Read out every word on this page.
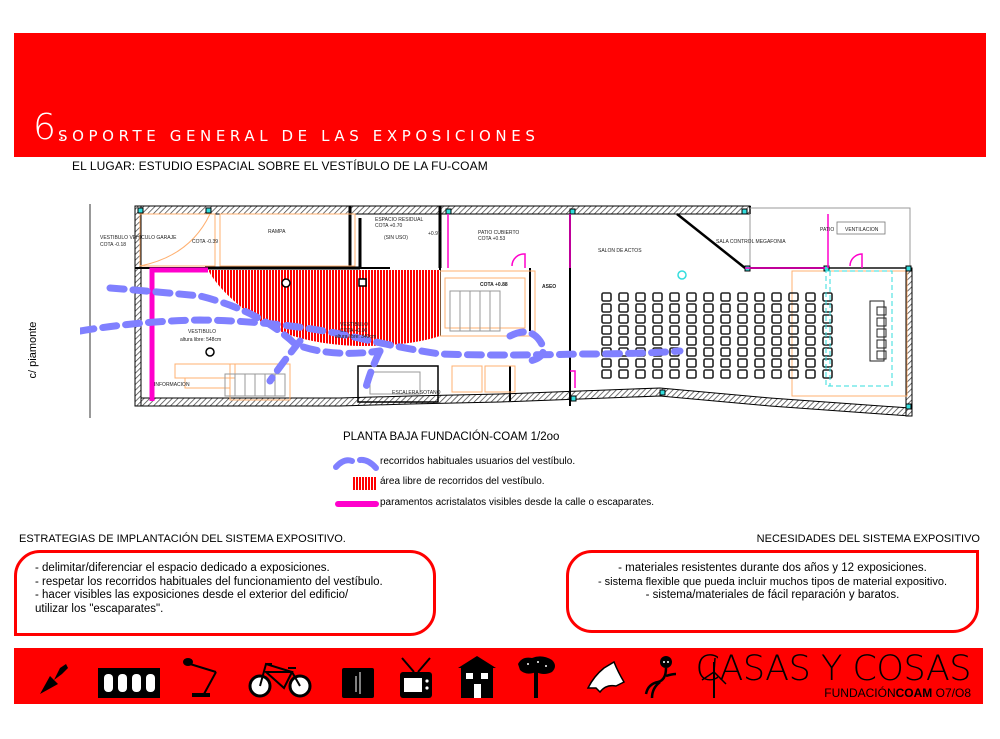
6.
SOPORTE GENERAL DE LAS EXPOSICIONES
EL LUGAR: ESTUDIO ESPACIAL SOBRE EL VESTÍBULO DE LA FU-COAM
c/ piamonte
VESTIBULO VEHICULO GARAJE
COTA -0.18	COTA -0.39
RAMPA
ESPACIO RESIDUAL
COTA +0.70
(SIN USO)
+0.97	PATIO CUBIERTO
COTA +0.53
SALON DE ACTOS
SALA CONTROL MEGAFONIA
PATIO VENTILACION
VESTIBULO
altura libre: 548cm
VESTIBULO
COTA +0.00
altura libre: 340cm
COTA +0.88	ASEO
INFORMACION
ESCALERA SOTANO
PLANTA BAJA FUNDACIÓN-COAM 1/2oo
recorridos habituales usuarios del vestíbulo.
área libre de recorridos del vestíbulo.
paramentos acristalatos visibles desde la calle o escaparates.
ESTRATEGIAS DE IMPLANTACIÓN DEL SISTEMA EXPOSITIVO.
- delimitar/diferenciar el espacio dedicado a exposiciones.
- respetar los recorridos habituales del funcionamiento del vestíbulo.
- hacer visibles las exposiciones desde el exterior del edificio/
utilizar los "escaparates".
NECESIDADES DEL SISTEMA EXPOSITIVO
- materiales resistentes durante dos años y 12 exposiciones.
- sistema flexible que pueda incluir muchos tipos de material expositivo.
- sistema/materiales de fácil reparación y baratos.
CASAS Y COSAS
FUNDACIÓNCOAM O7/O8
